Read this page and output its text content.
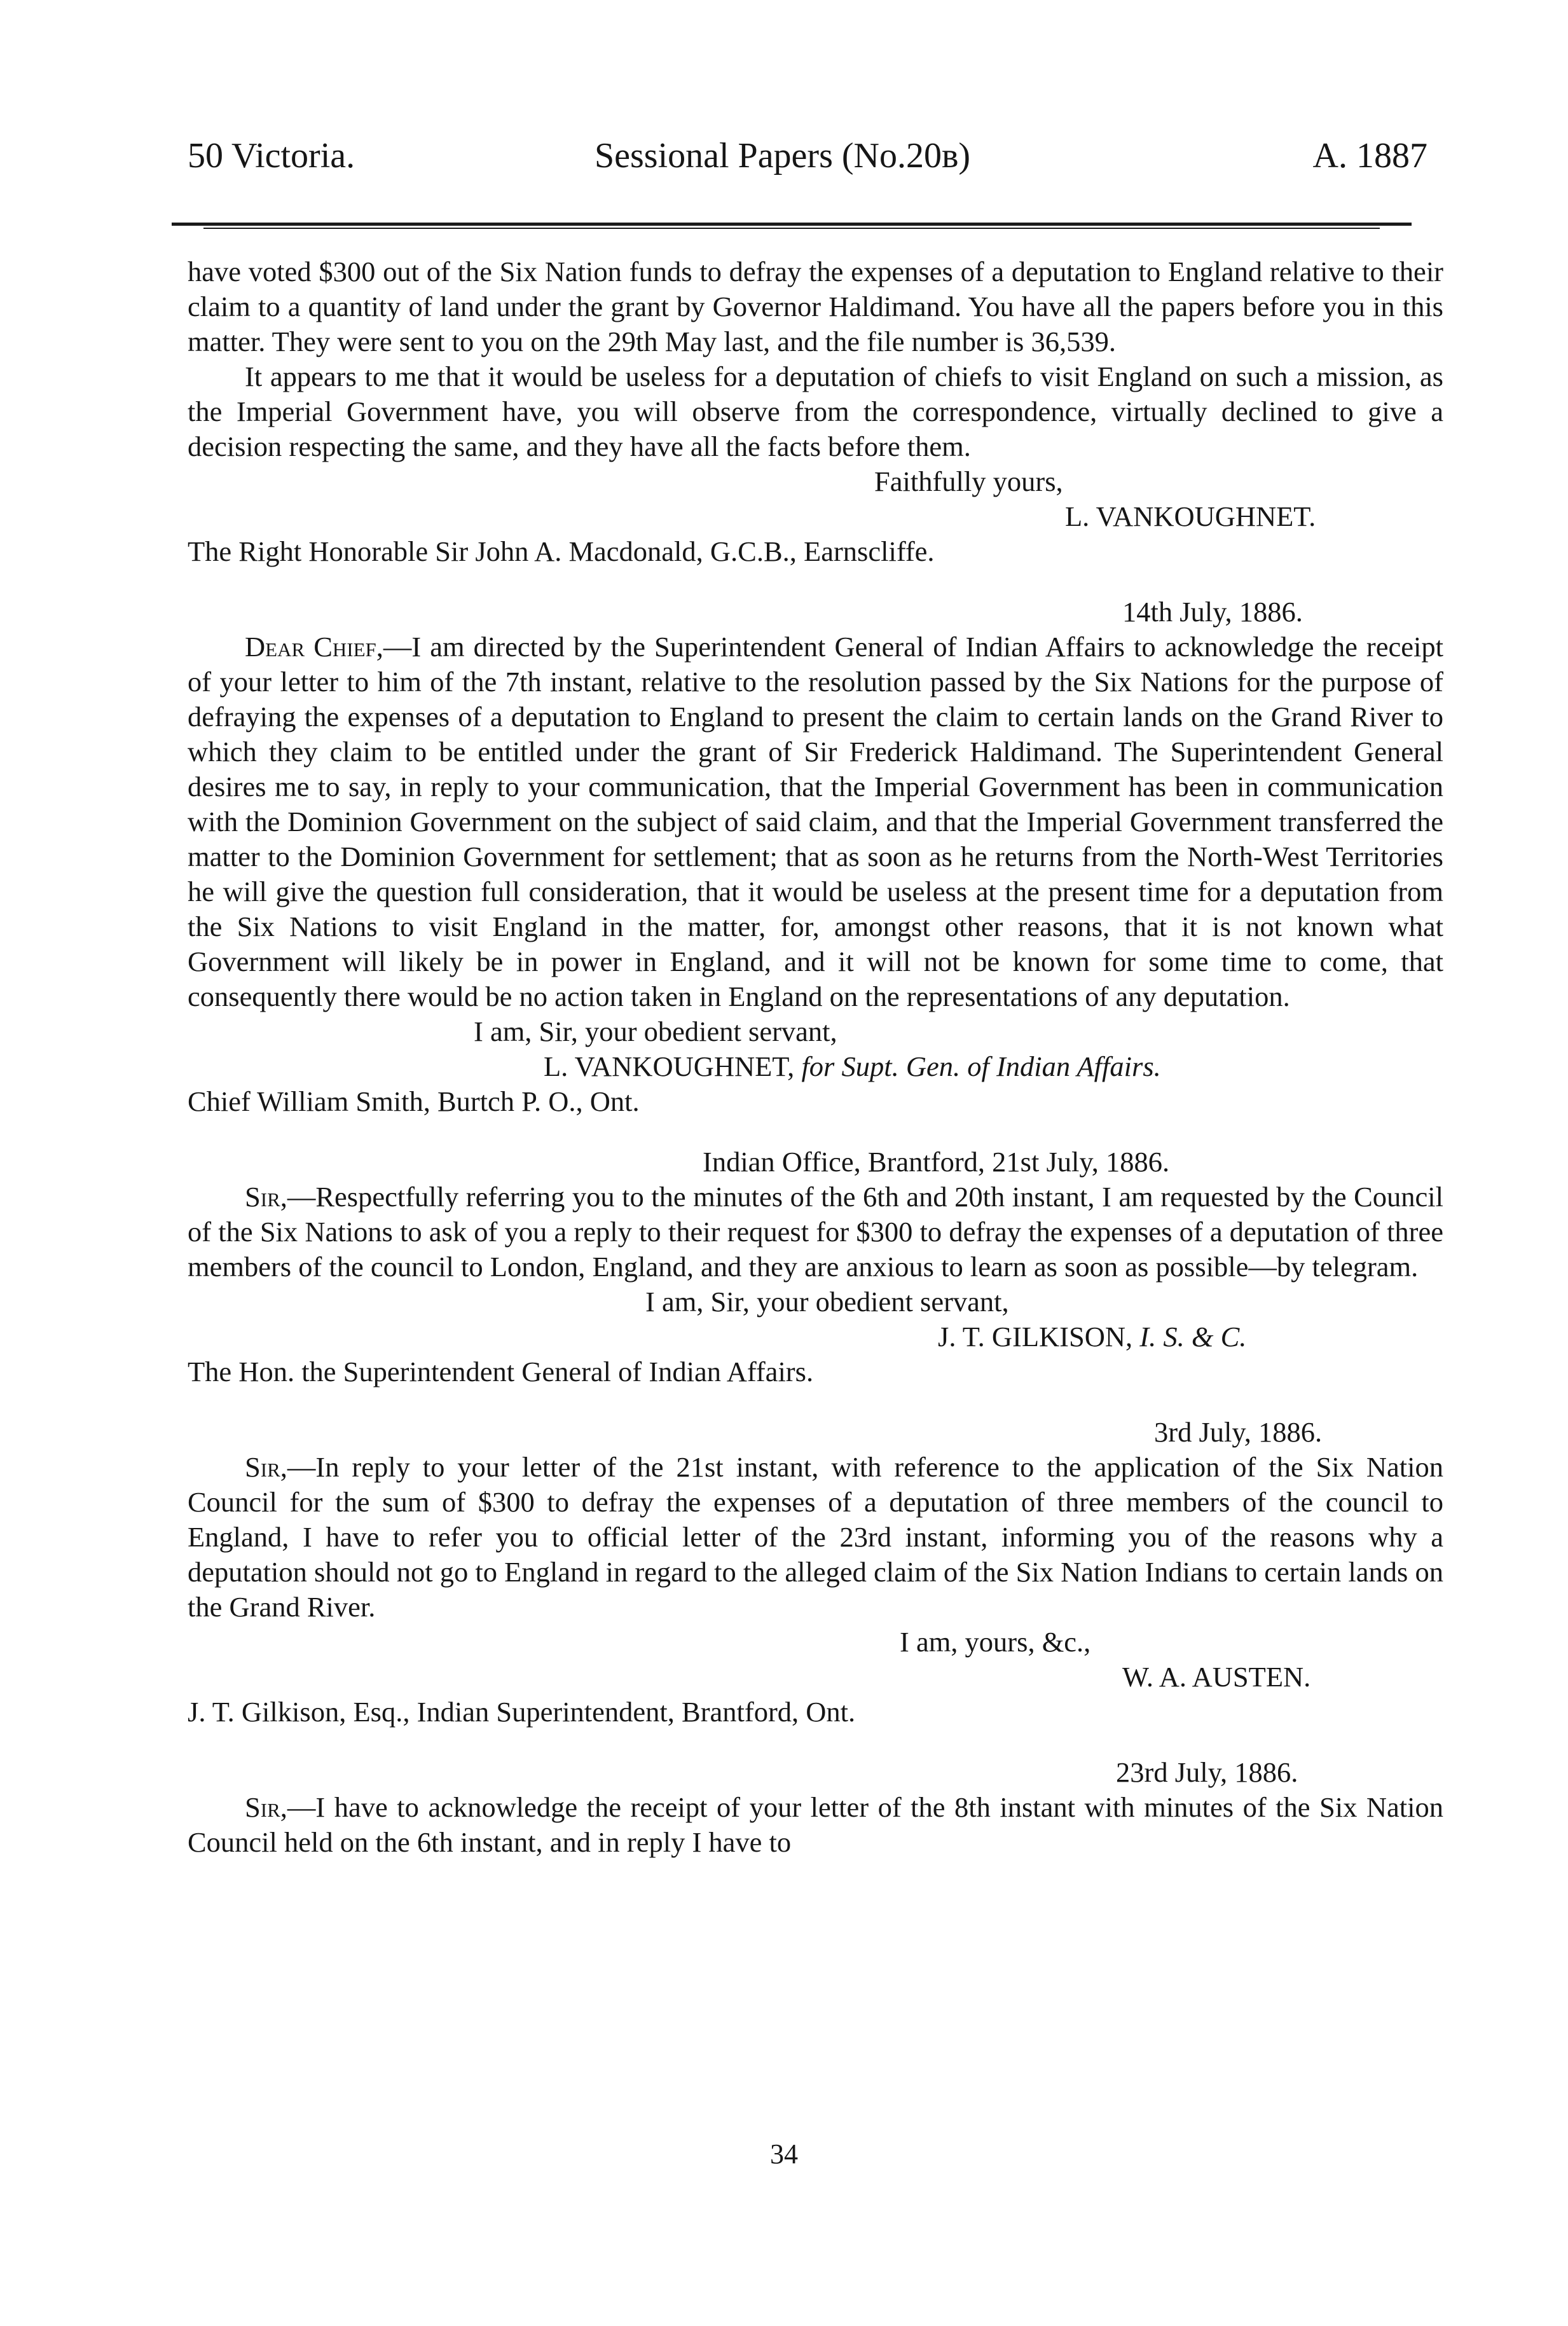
50 Victoria.	Sessional Papers (No.20в)	A. 1887

have voted $300 out of the Six Nation funds to defray the expenses of a deputation to England relative to their claim to a quantity of land under the grant by Governor Haldimand. You have all the papers before you in this matter. They were sent to you on the 29th May last, and the file number is 36,539.

It appears to me that it would be useless for a deputation of chiefs to visit England on such a mission, as the Imperial Government have, you will observe from the correspondence, virtually declined to give a decision respecting the same, and they have all the facts before them.

Faithfully yours,

L. VANKOUGHNET.

The Right Honorable Sir John A. Macdonald, G.C.B., Earnscliffe.

14th July, 1886.

Dear Chief,—I am directed by the Superintendent General of Indian Affairs to acknowledge the receipt of your letter to him of the 7th instant, relative to the resolution passed by the Six Nations for the purpose of defraying the expenses of a deputation to England to present the claim to certain lands on the Grand River to which they claim to be entitled under the grant of Sir Frederick Haldimand. The Superintendent General desires me to say, in reply to your communication, that the Imperial Government has been in communication with the Dominion Government on the subject of said claim, and that the Imperial Government transferred the matter to the Dominion Government for settlement; that as soon as he returns from the North-West Territories he will give the question full consideration, that it would be useless at the present time for a deputation from the Six Nations to visit England in the matter, for, amongst other reasons, that it is not known what Government will likely be in power in England, and it will not be known for some time to come, that consequently there would be no action taken in England on the representations of any deputation.

I am, Sir, your obedient servant,

L. VANKOUGHNET, for Supt. Gen. of Indian Affairs.

Chief William Smith, Burtch P. O., Ont.

Indian Office, Brantford, 21st July, 1886.

Sir,—Respectfully referring you to the minutes of the 6th and 20th instant, I am requested by the Council of the Six Nations to ask of you a reply to their request for $300 to defray the expenses of a deputation of three members of the council to London, England, and they are anxious to learn as soon as possible—by telegram.

I am, Sir, your obedient servant,

J. T. GILKISON, I. S. & C.

The Hon. the Superintendent General of Indian Affairs.

3rd July, 1886.

Sir,—In reply to your letter of the 21st instant, with reference to the application of the Six Nation Council for the sum of $300 to defray the expenses of a deputation of three members of the council to England, I have to refer you to official letter of the 23rd instant, informing you of the reasons why a deputation should not go to England in regard to the alleged claim of the Six Nation Indians to certain lands on the Grand River.

I am, yours, &c.,

W. A. AUSTEN.

J. T. Gilkison, Esq., Indian Superintendent, Brantford, Ont.

23rd July, 1886.

Sir,—I have to acknowledge the receipt of your letter of the 8th instant with minutes of the Six Nation Council held on the 6th instant, and in reply I have to

34
